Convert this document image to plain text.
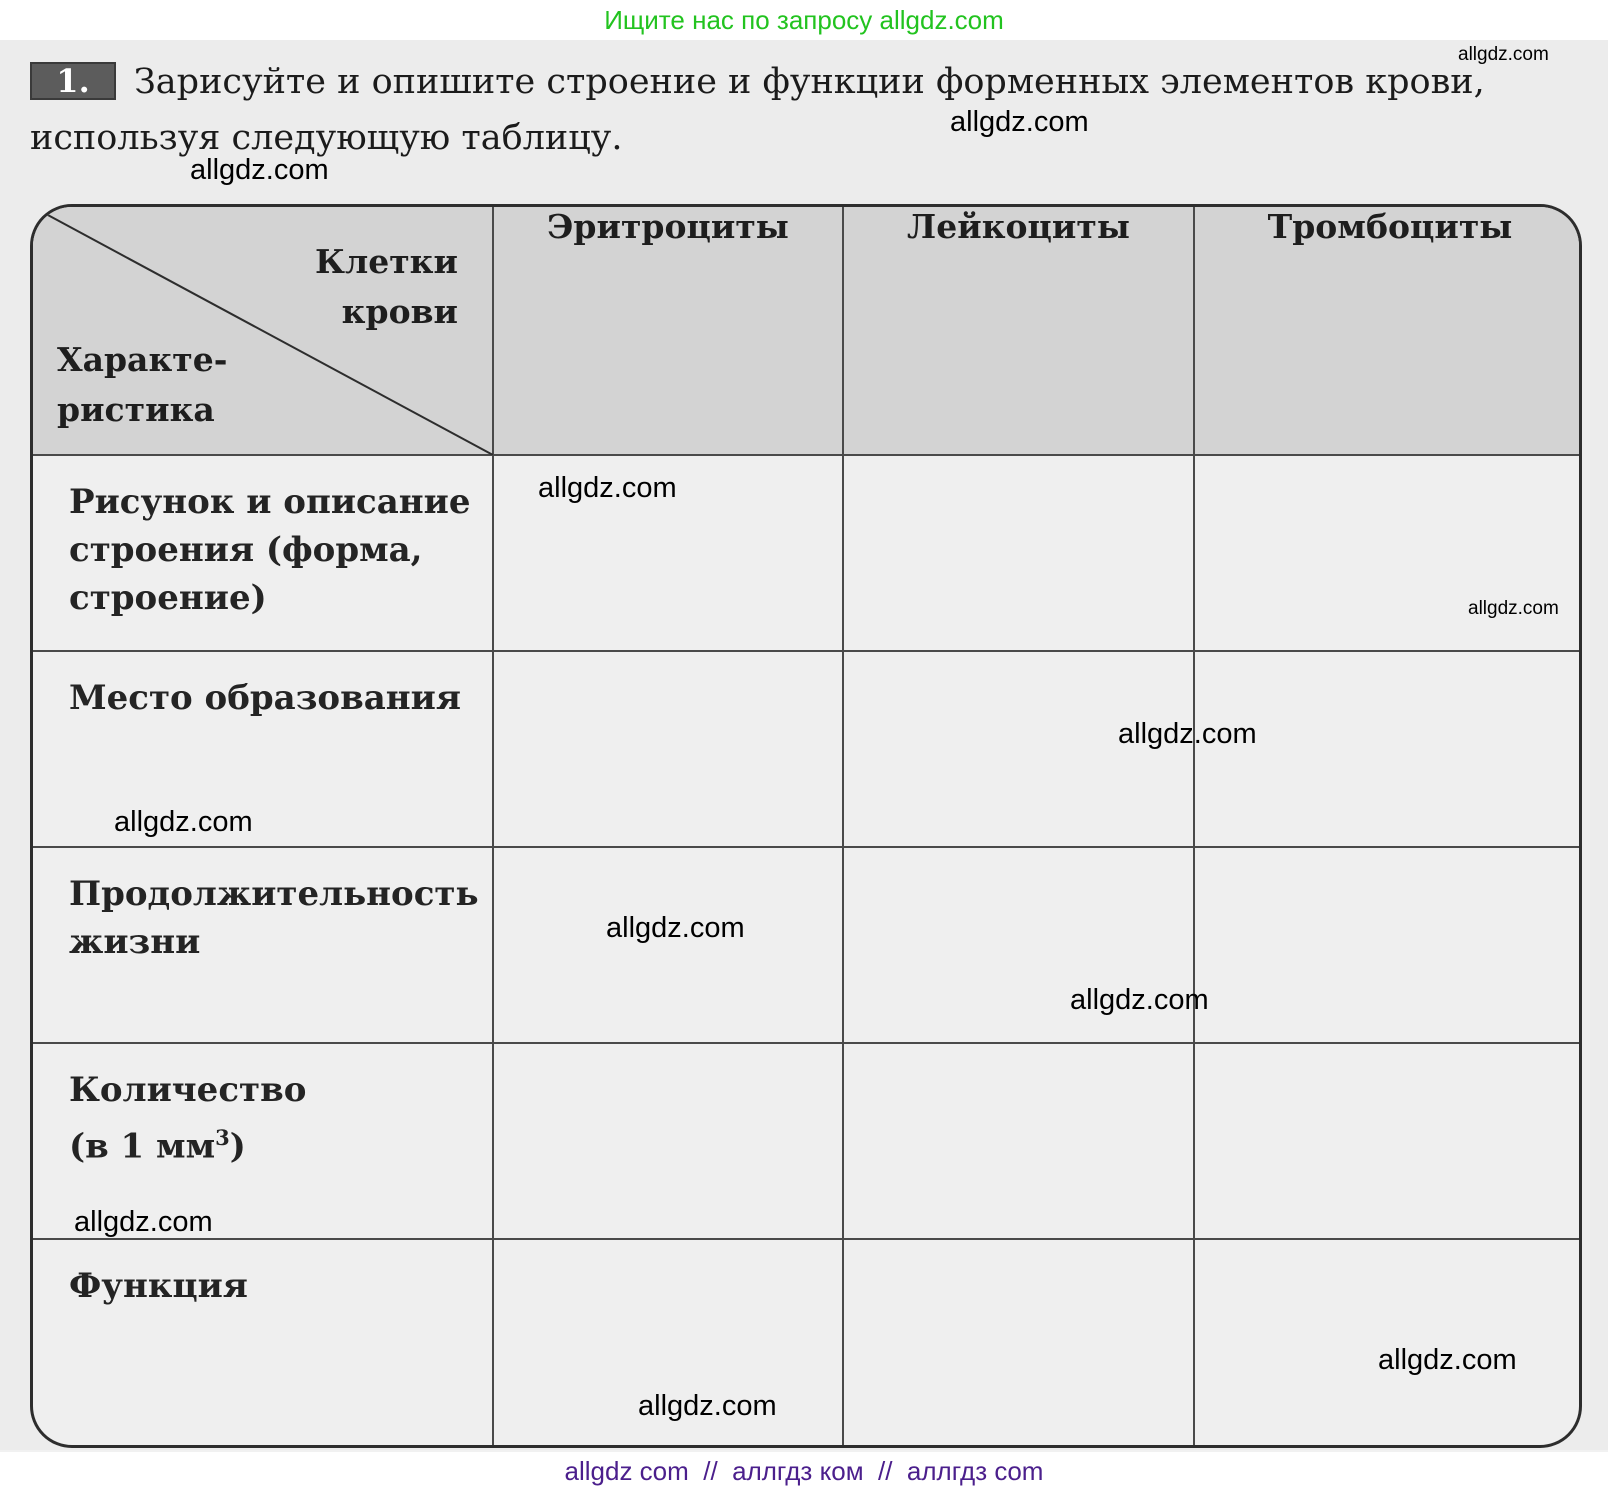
Ищите нас по запросу allgdz.com
1.	Зарисуйте и опишите строение и функции форменных элементов крови, используя следующую таблицу.

Клетки
крови
Характе-
ристика	Эритроциты	Лейкоциты	Тромбоциты

Рисунок и описание
строения (форма,
строение)			

Место образования			

Продолжительность
жизни			

Количество
(в 1 $мм^3$)			

Функция			

allgdz.com
allgdz.com
allgdz.com
allgdz.com
allgdz.com
allgdz.com
allgdz.com
allgdz.com
allgdz.com
allgdz.com
allgdz.com
allgdz.com
allgdz com  //  аллгдз ком  //  аллгдз com
